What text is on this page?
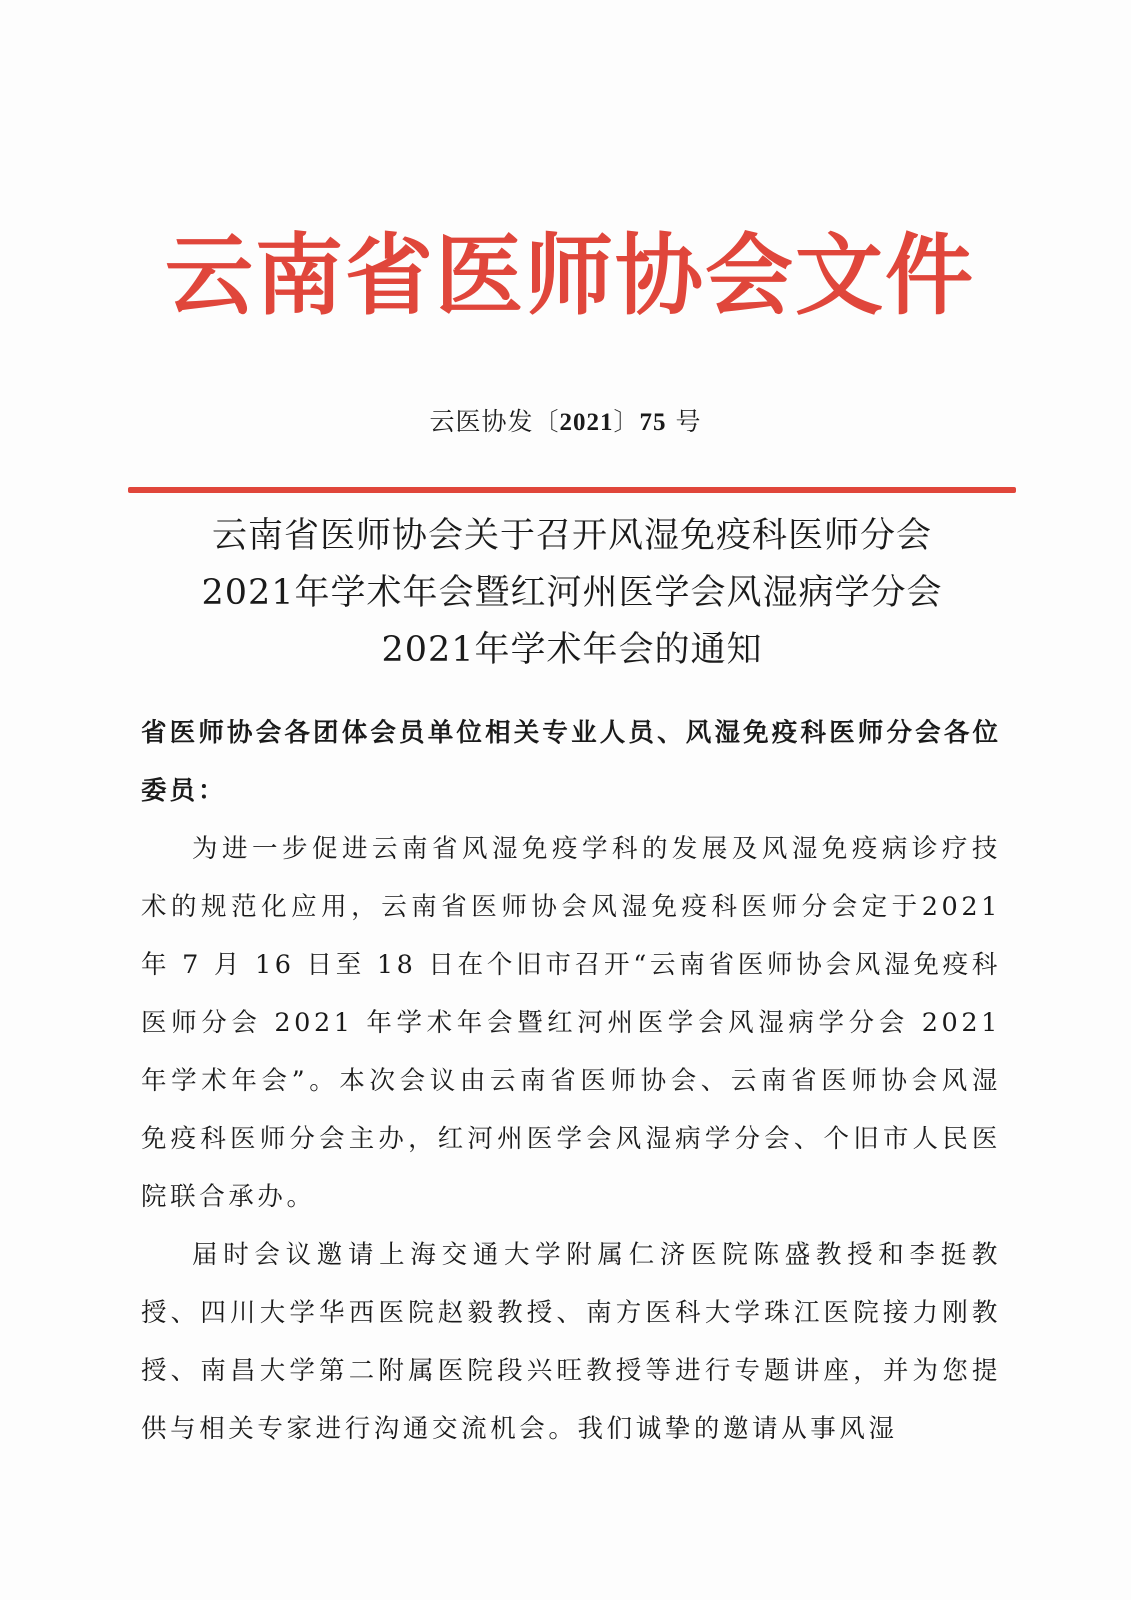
云南省医师协会文件
云医协发〔2021〕75 号
云南省医师协会关于召开风湿免疫科医师分会
2021年学术年会暨红河州医学会风湿病学分会
2021年学术年会的通知

省医师协会各团体会员单位相关专业人员、风湿免疫科医师分会各位委员：

为进一步促进云南省风湿免疫学科的发展及风湿免疫病诊疗技术的规范化应用，云南省医师协会风湿免疫科医师分会定于2021 年 7 月 16 日至 18 日在个旧市召开“云南省医师协会风湿免疫科医师分会 2021 年学术年会暨红河州医学会风湿病学分会 2021 年学术年会”。本次会议由云南省医师协会、云南省医师协会风湿免疫科医师分会主办，红河州医学会风湿病学分会、个旧市人民医院联合承办。

届时会议邀请上海交通大学附属仁济医院陈盛教授和李挺教授、四川大学华西医院赵毅教授、南方医科大学珠江医院接力刚教授、南昌大学第二附属医院段兴旺教授等进行专题讲座，并为您提供与相关专家进行沟通交流机会。我们诚挚的邀请从事风湿
